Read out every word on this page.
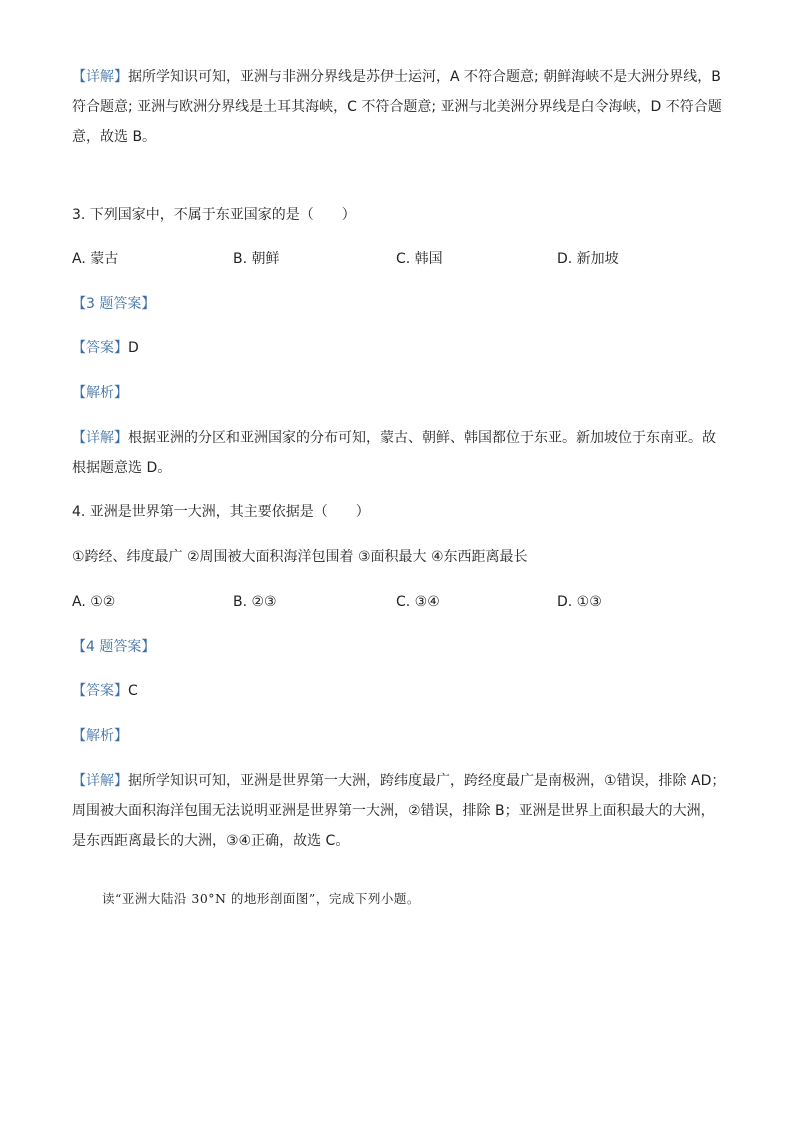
【详解】据所学知识可知，亚洲与非洲分界线是苏伊士运河，A 不符合题意; 朝鲜海峡不是大洲分界线，B 符合题意; 亚洲与欧洲分界线是土耳其海峡，C 不符合题意; 亚洲与北美洲分界线是白令海峡，D 不符合题意，故选 B。

3. 下列国家中，不属于东亚国家的是（　　）

A. 蒙古	B. 朝鲜	C. 韩国	D. 新加坡

【3 题答案】

【答案】D

【解析】

【详解】根据亚洲的分区和亚洲国家的分布可知，蒙古、朝鲜、韩国都位于东亚。新加坡位于东南亚。故根据题意选 D。

4. 亚洲是世界第一大洲，其主要依据是（　　）

①跨经、纬度最广 ②周围被大面积海洋包围着 ③面积最大 ④东西距离最长

A. ①②	B. ②③	C. ③④	D. ①③

【4 题答案】

【答案】C

【解析】

【详解】据所学知识可知，亚洲是世界第一大洲，跨纬度最广，跨经度最广是南极洲，①错误，排除 AD；周围被大面积海洋包围无法说明亚洲是世界第一大洲，②错误，排除 B；亚洲是世界上面积最大的大洲，是东西距离最长的大洲，③④正确，故选 C。

读“亚洲大陆沿 30°N 的地形剖面图”，完成下列小题。
